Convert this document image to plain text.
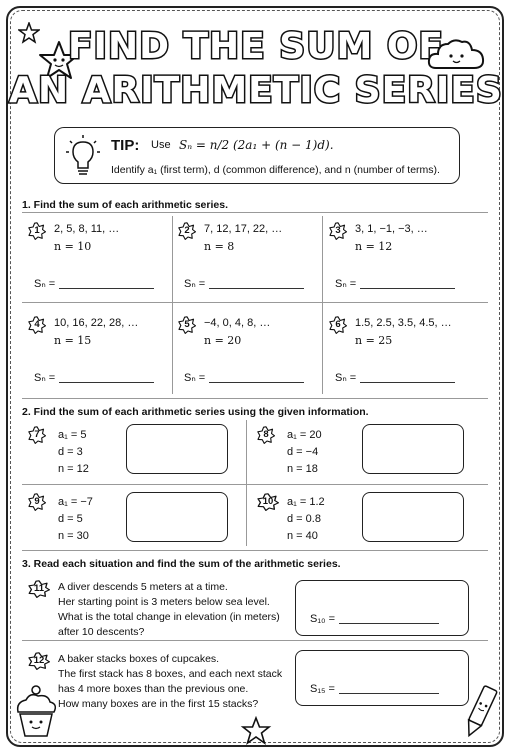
FIND THE SUM OF
AN ARITHMETIC SERIES
TIP: Use Sₙ = n/2 (2a₁ + (n − 1)d).
Identify a₁ (first term), d (common difference), and n (number of terms).
1. Find the sum of each arithmetic series.
1	2, 5, 8, 11, …
n = 10
Sₙ =
2	7, 12, 17, 22, …
n = 8
Sₙ =
3	3, 1, −1, −3, …
n = 12
Sₙ =
4	10, 16, 22, 28, …
n = 15
Sₙ =
5	−4, 0, 4, 8, …
n = 20
Sₙ =
6	1.5, 2.5, 3.5, 4.5, …
n = 25
Sₙ =
2. Find the sum of each arithmetic series using the given information.
7	a₁ = 5
d = 3
n = 12
8	a₁ = 20
d = −4
n = 18
9	a₁ = −7
d = 5
n = 30
10	a₁ = 1.2
d = 0.8
n = 40
3. Read each situation and find the sum of the arithmetic series.
11	A diver descends 5 meters at a time.
Her starting point is 3 meters below sea level.
What is the total change in elevation (in meters)
after 10 descents?
S₁₀ =
12	A baker stacks boxes of cupcakes.
The first stack has 8 boxes, and each next stack
has 4 more boxes than the previous one.
How many boxes are in the first 15 stacks?
S₁₅ =
